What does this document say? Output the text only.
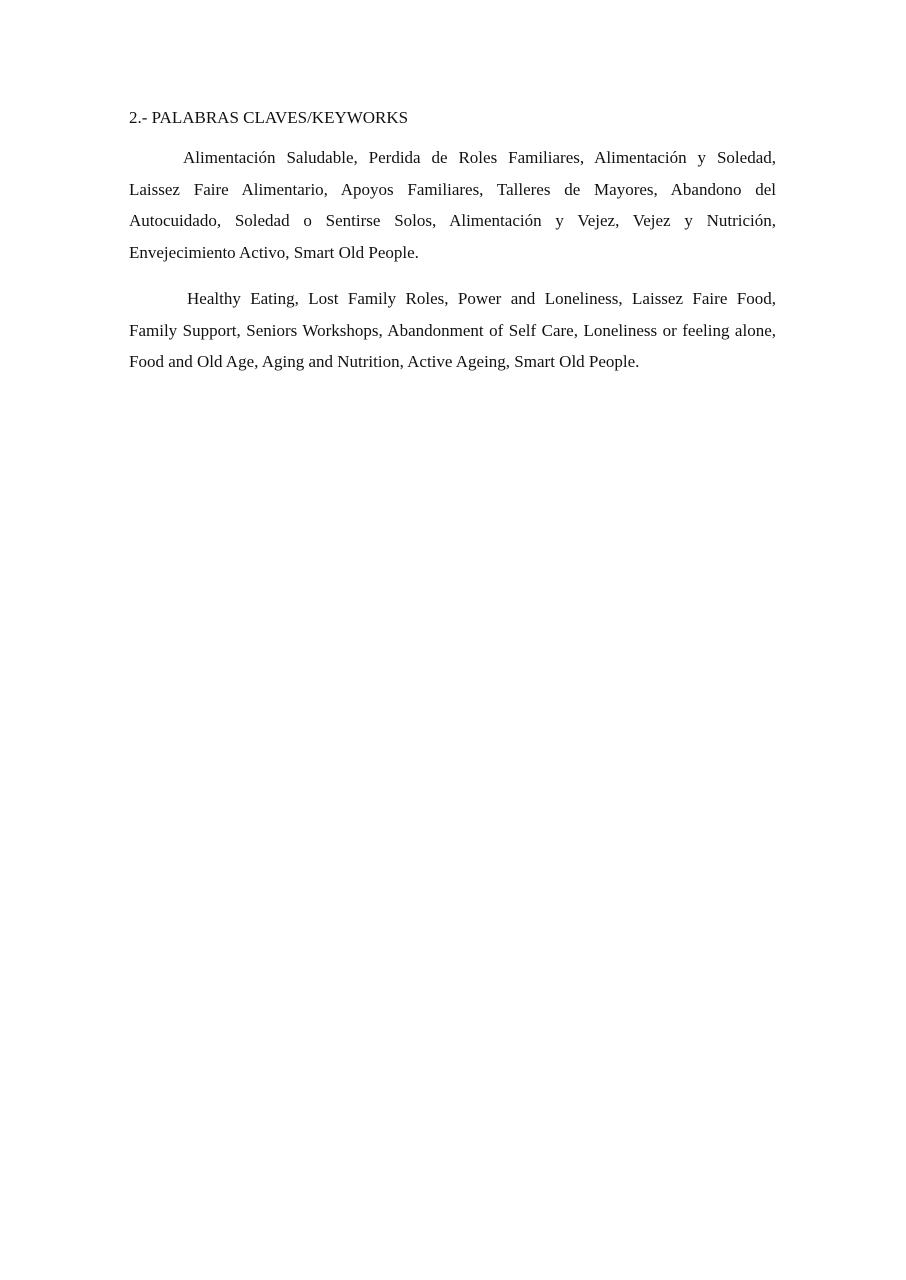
2.- PALABRAS CLAVES/KEYWORKS

Alimentación Saludable, Perdida de Roles Familiares, Alimentación y Soledad, Laissez Faire Alimentario, Apoyos Familiares, Talleres de Mayores, Abandono del Autocuidado, Soledad o Sentirse Solos, Alimentación y Vejez, Vejez y Nutrición, Envejecimiento Activo, Smart Old People.

Healthy Eating, Lost Family Roles, Power and Loneliness, Laissez Faire Food, Family Support, Seniors Workshops, Abandonment of Self Care, Loneliness or feeling alone, Food and Old Age, Aging and Nutrition, Active Ageing, Smart Old People.
